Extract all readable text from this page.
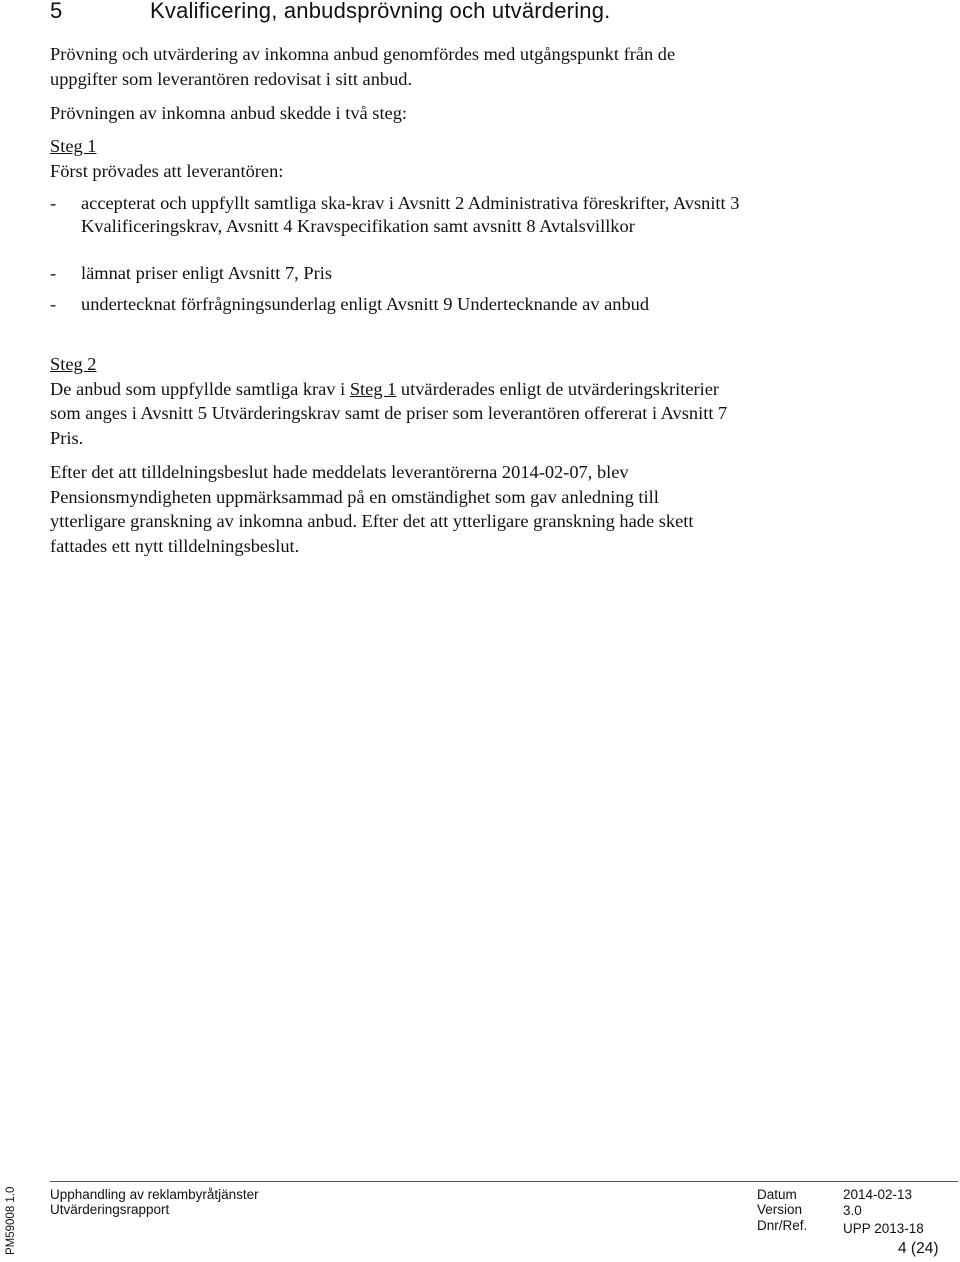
5	Kvalificering, anbudsprövning och utvärdering.
Prövning och utvärdering av inkomna anbud genomfördes med utgångspunkt från de uppgifter som leverantören redovisat i sitt anbud.
Prövningen av inkomna anbud skedde i två steg:
Steg 1
Först prövades att leverantören:
- accepterat och uppfyllt samtliga ska-krav i Avsnitt 2 Administrativa föreskrifter, Avsnitt 3 Kvalificeringskrav, Avsnitt 4 Kravspecifikation samt avsnitt 8 Avtalsvillkor
- lämnat priser enligt Avsnitt 7, Pris
- undertecknat förfrågningsunderlag enligt Avsnitt 9 Undertecknande av anbud
Steg 2
De anbud som uppfyllde samtliga krav i Steg 1 utvärderades enligt de utvärderingskriterier som anges i Avsnitt 5 Utvärderingskrav samt de priser som leverantören offererat i Avsnitt 7 Pris.
Efter det att tilldelningsbeslut hade meddelats leverantörerna 2014-02-07, blev Pensionsmyndigheten uppmärksammad på en omständighet som gav anledning till ytterligare granskning av inkomna anbud. Efter det att ytterligare granskning hade skett fattades ett nytt tilldelningsbeslut.
PM59008 1.0 Upphandling av reklambyråtjänster
Utvärderingsrapport
Datum
Version
Dnr/Ref.
2014-02-13
3.0
UPP 2013-18
4 (24)
